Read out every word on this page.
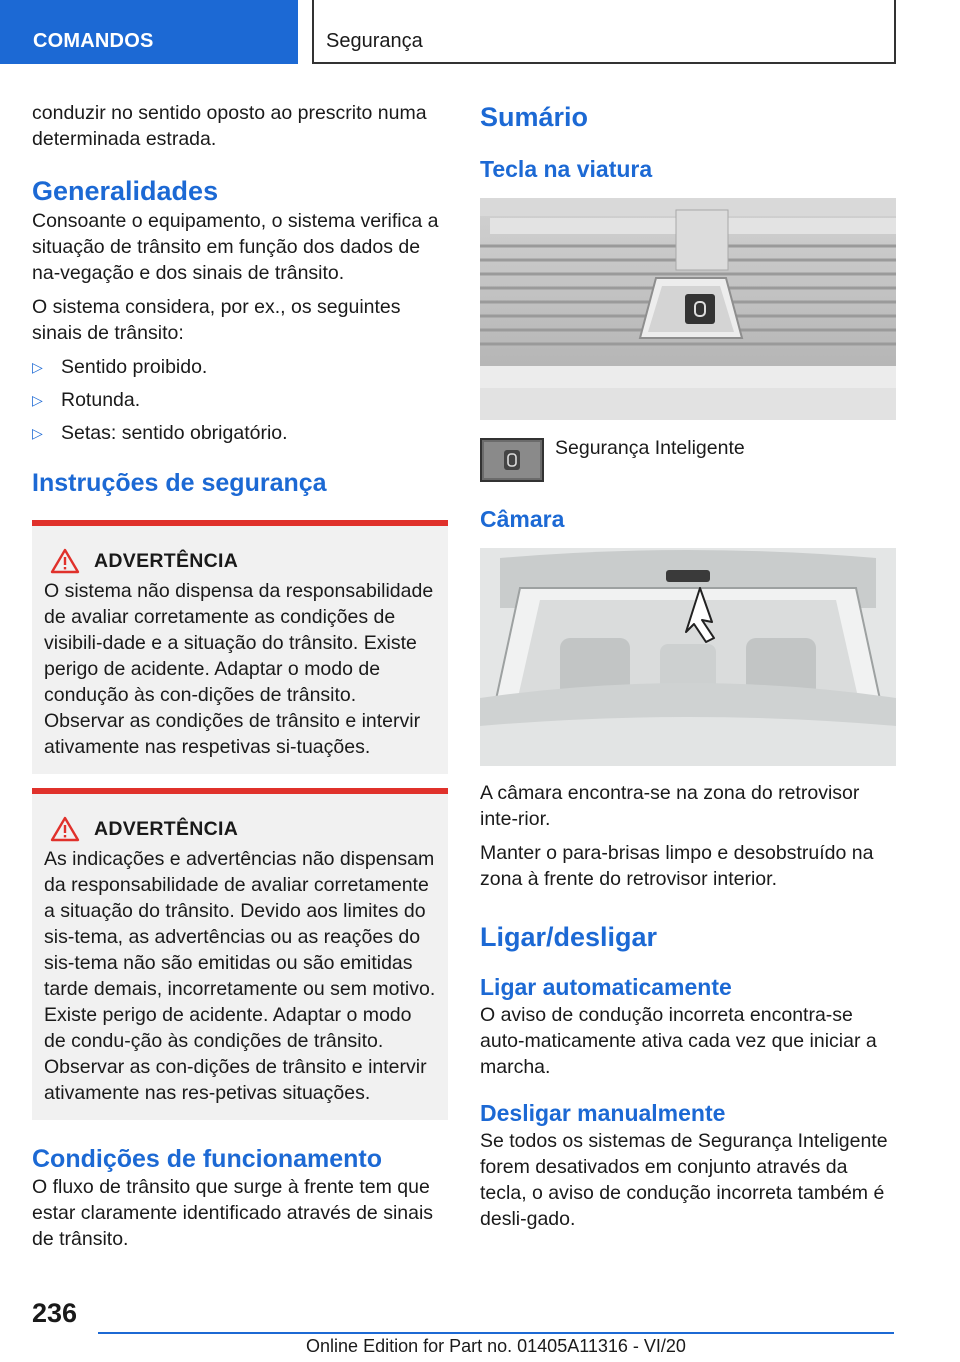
COMANDOS	Segurança

conduzir no sentido oposto ao prescrito numa determinada estrada.

Generalidades

Consoante o equipamento, o sistema verifica a situação de trânsito em função dos dados de na-vegação e dos sinais de trânsito.

O sistema considera, por ex., os seguintes sinais de trânsito:

▷ Sentido proibido.
▷ Rotunda.
▷ Setas: sentido obrigatório.
Instruções de segurança
ADVERTÊNCIA

O sistema não dispensa da responsabilidade de avaliar corretamente as condições de visibili-dade e a situação do trânsito. Existe perigo de acidente. Adaptar o modo de condução às con-dições de trânsito. Observar as condições de trânsito e intervir ativamente nas respetivas si-tuações.

ADVERTÊNCIA

As indicações e advertências não dispensam da responsabilidade de avaliar corretamente a situação do trânsito. Devido aos limites do sis-tema, as advertências ou as reações do sis-tema não são emitidas ou são emitidas tarde demais, incorretamente ou sem motivo. Existe perigo de acidente. Adaptar o modo de condu-ção às condições de trânsito. Observar as con-dições de trânsito e intervir ativamente nas res-petivas situações.

Condições de funcionamento

O fluxo de trânsito que surge à frente tem que estar claramente identificado através de sinais de trânsito.

Sumário
Tecla na viatura
Segurança Inteligente
Câmara

A câmara encontra-se na zona do retrovisor inte-rior.

Manter o para-brisas limpo e desobstruído na zona à frente do retrovisor interior.

Ligar/desligar
Ligar automaticamente

O aviso de condução incorreta encontra-se auto-maticamente ativa cada vez que iniciar a marcha.

Desligar manualmente

Se todos os sistemas de Segurança Inteligente forem desativados em conjunto através da tecla, o aviso de condução incorreta também é desli-gado.

236
Online Edition for Part no. 01405A11316 - VI/20
